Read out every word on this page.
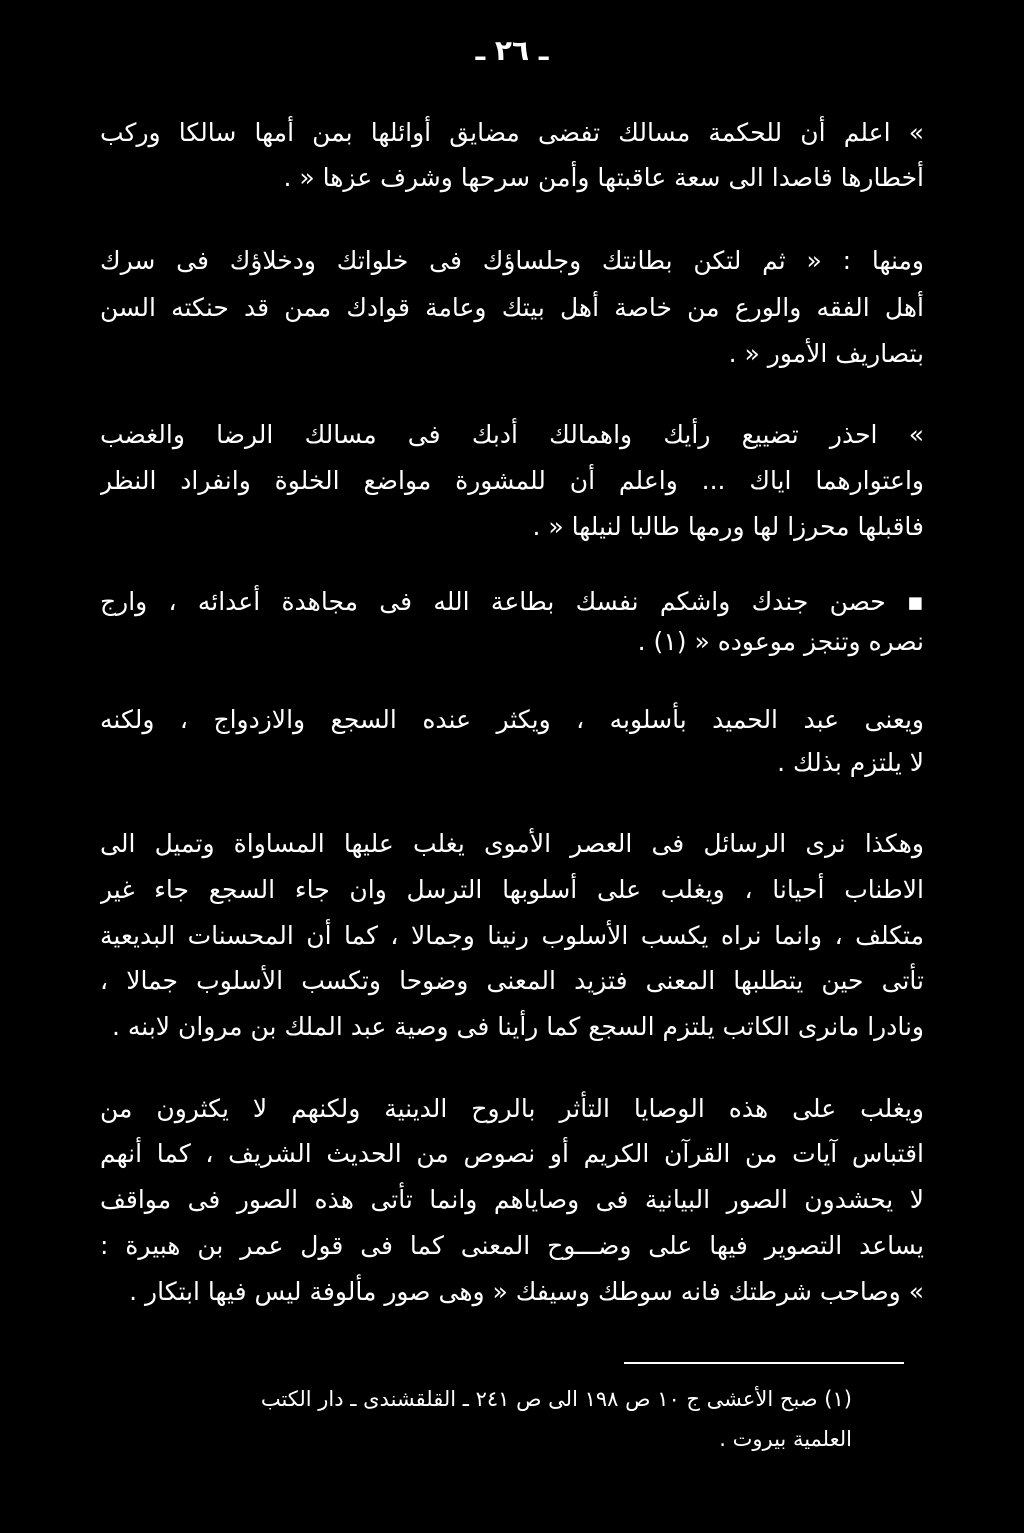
ـ ٢٦ ـ
» اعلم أن للحكمة مسالك تفضى مضايق أوائلها بمن أمها سالكا وركب
أخطارها قاصدا الى سعة عاقبتها وأمن سرحها وشرف عزها « .
ومنها : « ثم لتكن بطانتك وجلساؤك فى خلواتك ودخلاؤك فى سرك
أهل الفقه والورع من خاصة أهل بيتك وعامة قوادك ممن قد حنكته السن
بتصاريف الأمور « .
» احذر تضييع رأيك واهمالك أدبك فى مسالك الرضا والغضب
واعتوارهما اياك ... واعلم أن للمشورة مواضع الخلوة وانفراد النظر
فاقبلها محرزا لها ورمها طالبا لنيلها « .
▪ حصن جندك واشكم نفسك بطاعة الله فى مجاهدة أعدائه ، وارج
نصره وتنجز موعوده « (١) .
ويعنى عبد الحميد بأسلوبه ، ويكثر عنده السجع والازدواج ، ولكنه
لا يلتزم بذلك .
وهكذا نرى الرسائل فى العصر الأموى يغلب عليها المساواة وتميل الى
الاطناب أحيانا ، ويغلب على أسلوبها الترسل وان جاء السجع جاء غير
متكلف ، وانما نراه يكسب الأسلوب رنينا وجمالا ، كما أن المحسنات البديعية
تأتى حين يتطلبها المعنى فتزيد المعنى وضوحا وتكسب الأسلوب جمالا ،
ونادرا مانرى الكاتب يلتزم السجع كما رأينا فى وصية عبد الملك بن مروان لابنه .
ويغلب على هذه الوصايا التأثر بالروح الدينية ولكنهم لا يكثرون من
اقتباس آيات من القرآن الكريم أو نصوص من الحديث الشريف ، كما أنهم
لا يحشدون الصور البيانية فى وصاياهم وانما تأتى هذه الصور فى مواقف
يساعد التصوير فيها على وضـــوح المعنى كما فى قول عمر بن هبيرة :
» وصاحب شرطتك فانه سوطك وسيفك « وهى صور مألوفة ليس فيها ابتكار .
(١) صبح الأعشى ج ١٠ ص ١٩٨ الى ص ٢٤١ ـ القلقشندى ـ دار الكتب
العلمية بيروت .
